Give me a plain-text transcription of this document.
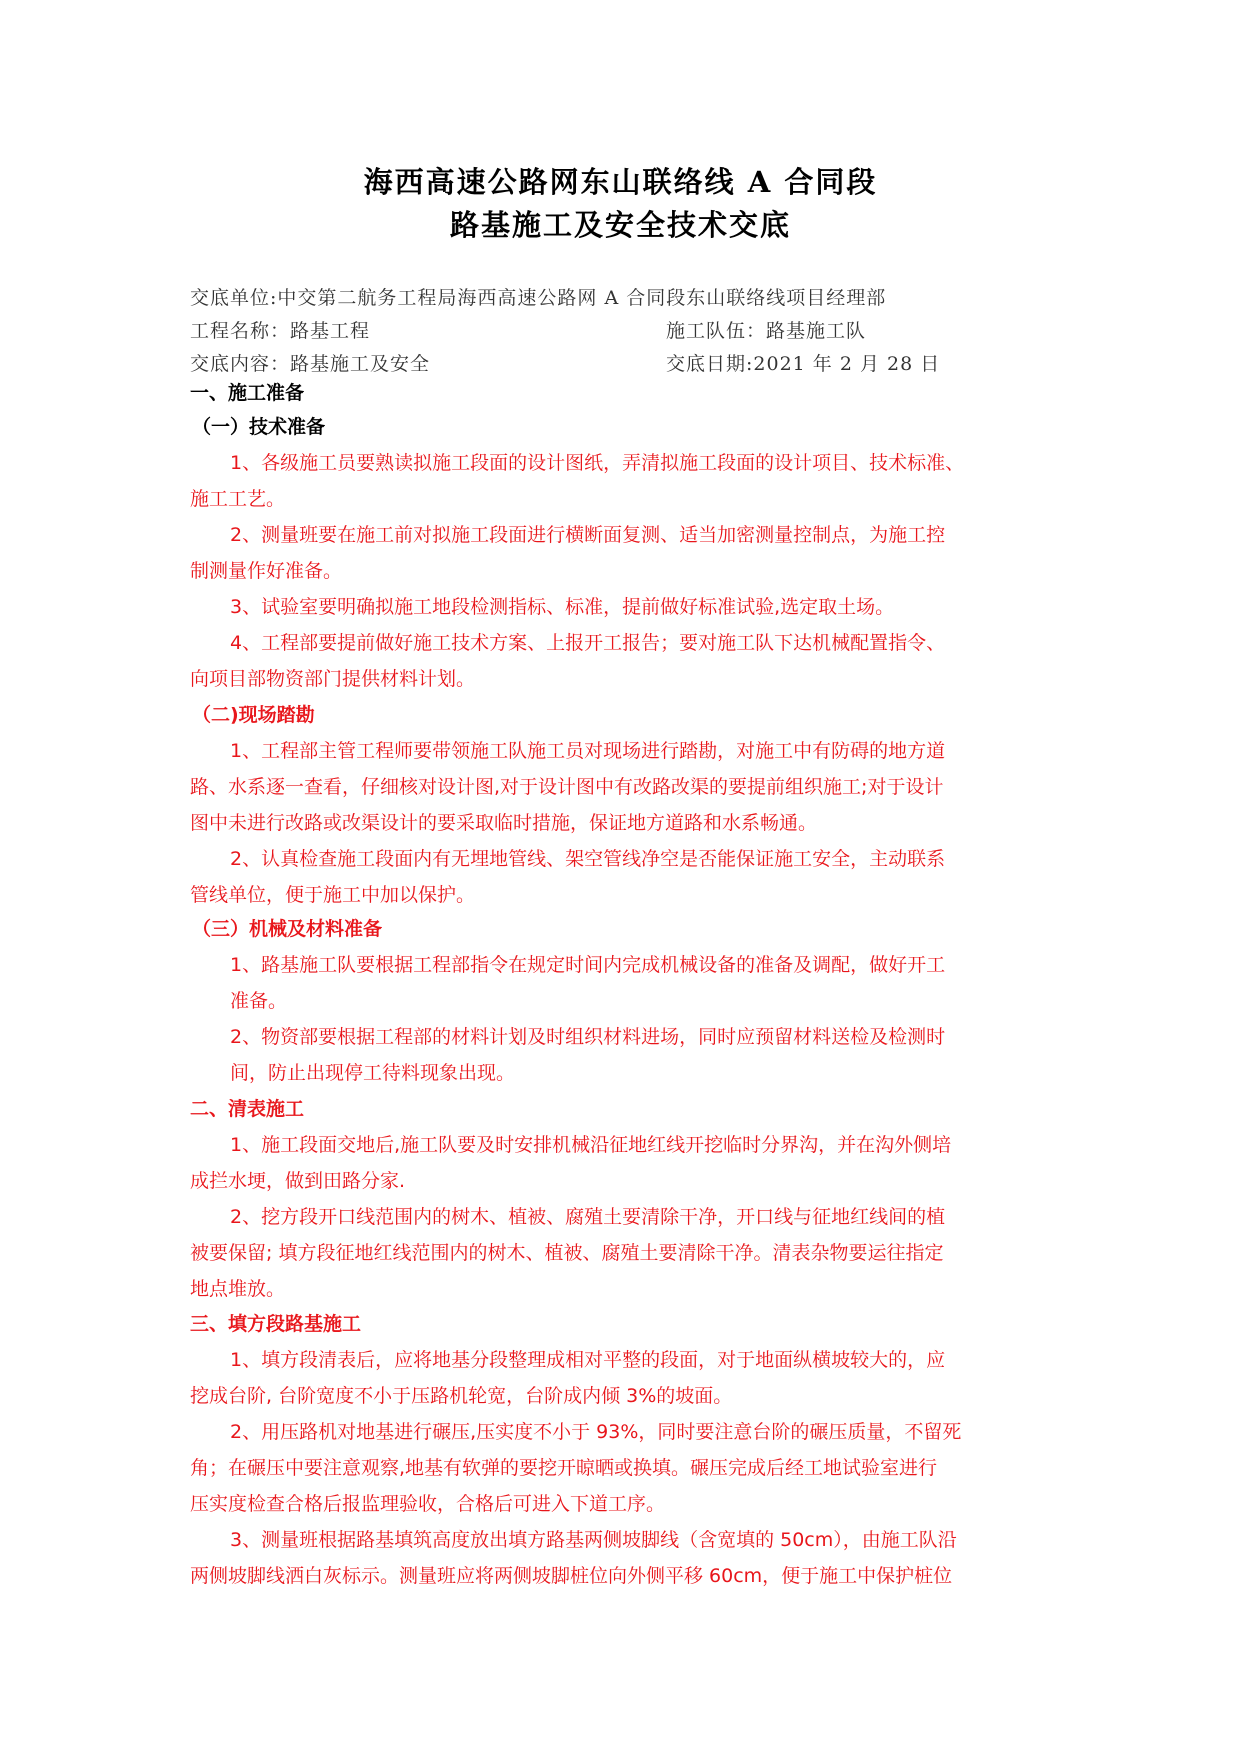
海西高速公路网东山联络线 A 合同段
路基施工及安全技术交底
交底单位:中交第二航务工程局海西高速公路网 A 合同段东山联络线项目经理部
工程名称：路基工程	施工队伍：路基施工队
交底内容：路基施工及安全	交底日期:2021 年 2 月 28 日
一、施工准备
（一）技术准备
1、各级施工员要熟读拟施工段面的设计图纸，弄清拟施工段面的设计项目、技术标准、
施工工艺。
2、测量班要在施工前对拟施工段面进行横断面复测、适当加密测量控制点，为施工控
制测量作好准备。
3、试验室要明确拟施工地段检测指标、标准，提前做好标准试验,选定取土场。
4、工程部要提前做好施工技术方案、上报开工报告；要对施工队下达机械配置指令、
向项目部物资部门提供材料计划。
（二)现场踏勘
1、工程部主管工程师要带领施工队施工员对现场进行踏勘，对施工中有防碍的地方道
路、水系逐一查看，仔细核对设计图,对于设计图中有改路改渠的要提前组织施工;对于设计
图中未进行改路或改渠设计的要采取临时措施，保证地方道路和水系畅通。
2、认真检查施工段面内有无埋地管线、架空管线净空是否能保证施工安全，主动联系
管线单位，便于施工中加以保护。
（三）机械及材料准备
1、路基施工队要根据工程部指令在规定时间内完成机械设备的准备及调配，做好开工
准备。
2、物资部要根据工程部的材料计划及时组织材料进场，同时应预留材料送检及检测时
间，防止出现停工待料现象出现。
二、清表施工
1、施工段面交地后,施工队要及时安排机械沿征地红线开挖临时分界沟，并在沟外侧培
成拦水埂，做到田路分家.
2、挖方段开口线范围内的树木、植被、腐殖土要清除干净，开口线与征地红线间的植
被要保留; 填方段征地红线范围内的树木、植被、腐殖土要清除干净。清表杂物要运往指定
地点堆放。
三、填方段路基施工
1、填方段清表后，应将地基分段整理成相对平整的段面，对于地面纵横坡较大的，应
挖成台阶, 台阶宽度不小于压路机轮宽，台阶成内倾 3%的坡面。
2、用压路机对地基进行碾压,压实度不小于 93%，同时要注意台阶的碾压质量，不留死
角；在碾压中要注意观察,地基有软弹的要挖开晾晒或换填。碾压完成后经工地试验室进行
压实度检查合格后报监理验收，合格后可进入下道工序。
3、测量班根据路基填筑高度放出填方路基两侧坡脚线（含宽填的 50cm），由施工队沿
两侧坡脚线洒白灰标示。测量班应将两侧坡脚桩位向外侧平移 60cm，便于施工中保护桩位
